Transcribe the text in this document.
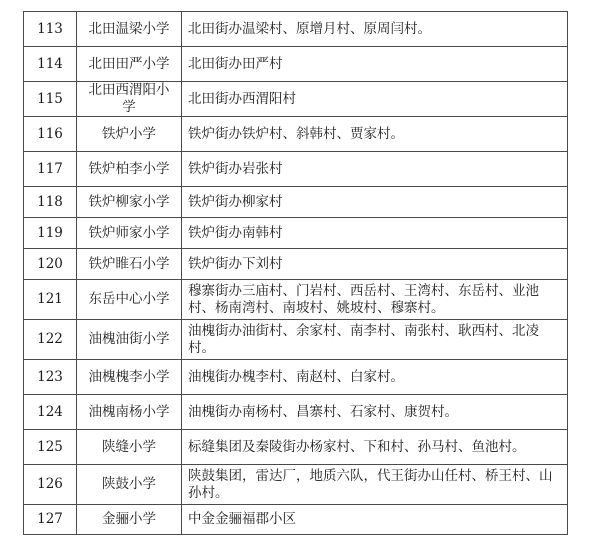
113	北田温梁小学	北田街办温梁村、原增月村、原周闫村。
114	北田田严小学	北田街办田严村
115	北田西渭阳小学	北田街办西渭阳村
116	铁炉小学	铁炉街办铁炉村、斜韩村、贾家村。
117	铁炉柏李小学	铁炉街办岩张村
118	铁炉柳家小学	铁炉街办柳家村
119	铁炉师家小学	铁炉街办南韩村
120	铁炉睢石小学	铁炉街办下刘村
121	东岳中心小学	穆寨街办三庙村、门岩村、西岳村、王湾村、东岳村、业池村、杨南湾村、南坡村、姚坡村、穆寨村。
122	油槐油街小学	油槐街办油街村、余家村、南李村、南张村、耿西村、北凌村。
123	油槐槐李小学	油槐街办槐李村、南赵村、白家村。
124	油槐南杨小学	油槐街办南杨村、昌寨村、石家村、康贺村。
125	陕缝小学	标缝集团及秦陵街办杨家村、下和村、孙马村、鱼池村。
126	陕鼓小学	陕鼓集团，雷达厂，地质六队，代王街办山任村、桥王村、山孙村。
127	金骊小学	中金金骊福郡小区
